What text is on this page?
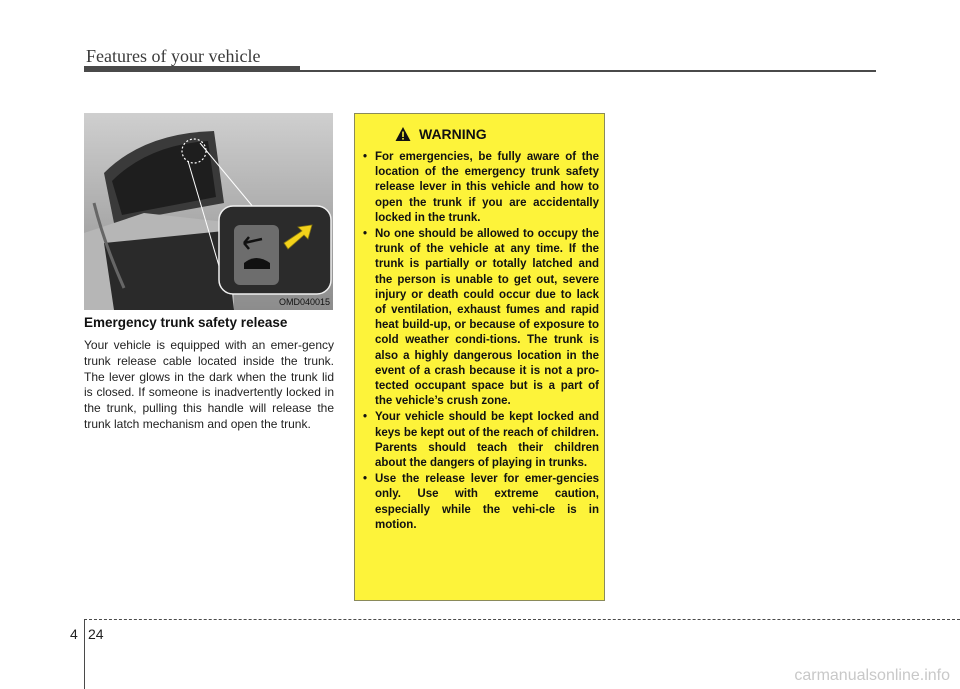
Features of your vehicle
OMD040015
Emergency trunk safety release

Your vehicle is equipped with an emer-gency trunk release cable located inside the trunk. The lever glows in the dark when the trunk lid is closed. If someone is inadvertently locked in the trunk, pulling this handle will release the trunk latch mechanism and open the trunk.

WARNING
• For emergencies, be fully aware of the location of the emergency trunk safety release lever in this vehicle and how to open the trunk if you are accidentally locked in the trunk.
• No one should be allowed to occupy the trunk of the vehicle at any time. If the trunk is partially or totally latched and the person is unable to get out, severe injury or death could occur due to lack of ventilation, exhaust fumes and rapid heat build-up, or because of exposure to cold weather condi-tions. The trunk is also a highly dangerous location in the event of a crash because it is not a pro-tected occupant space but is a part of the vehicle’s crush zone.
• Your vehicle should be kept locked and keys be kept out of the reach of children. Parents should teach their children about the dangers of playing in trunks.
• Use the release lever for emer-gencies only. Use with extreme caution, especially while the vehi-cle is in motion.
4 24
carmanualsonline.info
